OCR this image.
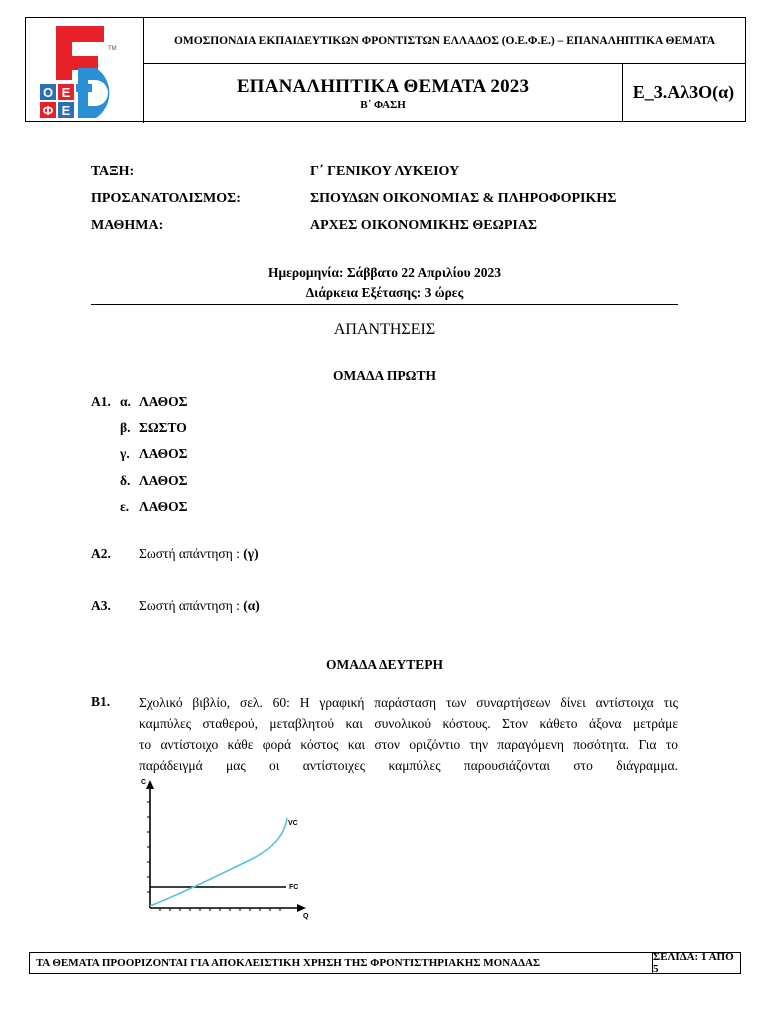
Ο Ε
Φ Ε
TM
ΟΜΟΣΠΟΝΔΙΑ ΕΚΠΑΙΔΕΥΤΙΚΩΝ ΦΡΟΝΤΙΣΤΩΝ ΕΛΛΑΔΟΣ (Ο.Ε.Φ.Ε.) – ΕΠΑΝΑΛΗΠΤΙΚΑ ΘΕΜΑΤΑ
ΕΠΑΝΑΛΗΠΤΙΚΑ ΘΕΜΑΤΑ 2023
Β΄ ΦΑΣΗ
Ε_3.Αλ3Ο(α)
ΤΑΞΗ:	Γ΄ ΓΕΝΙΚΟΥ ΛΥΚΕΙΟΥ
ΠΡΟΣΑΝΑΤΟΛΙΣΜΟΣ:	ΣΠΟΥΔΩΝ ΟΙΚΟΝΟΜΙΑΣ & ΠΛΗΡΟΦΟΡΙΚΗΣ
ΜΑΘΗΜΑ:	ΑΡΧΕΣ ΟΙΚΟΝΟΜΙΚΗΣ ΘΕΩΡΙΑΣ
Ημερομηνία: Σάββατο 22 Απριλίου 2023
Διάρκεια Εξέτασης: 3 ώρες
ΑΠΑΝΤΗΣΕΙΣ
ΟΜΑΔΑ ΠΡΩΤΗ
Α1. α. ΛΑΘΟΣ
β. ΣΩΣΤΟ
γ. ΛΑΘΟΣ
δ. ΛΑΘΟΣ
ε. ΛΑΘΟΣ
Α2. Σωστή απάντηση : (γ)
Α3. Σωστή απάντηση : (α)
ΟΜΑΔΑ ΔΕΥΤΕΡΗ
Β1. Σχολικό βιβλίο, σελ. 60: Η γραφική παράσταση των συναρτήσεων δίνει αντίστοιχα τις
καμπύλες σταθερού, μεταβλητού και συνολικού κόστους. Στον κάθετο άξονα μετράμε
το αντίστοιχο κάθε φορά κόστος και στον οριζόντιο την παραγόμενη ποσότητα. Για το
παράδειγμά μας οι αντίστοιχες καμπύλες παρουσιάζονται στο διάγραμμα.
C
Q
VC
FC
ΤΑ ΘΕΜΑΤΑ ΠΡΟΟΡΙΖΟΝΤΑΙ ΓΙΑ ΑΠΟΚΛΕΙΣΤΙΚΗ ΧΡΗΣΗ ΤΗΣ ΦΡΟΝΤΙΣΤΗΡΙΑΚΗΣ ΜΟΝΑΔΑΣ	ΣΕΛΙΔΑ: 1 ΑΠΟ 5
